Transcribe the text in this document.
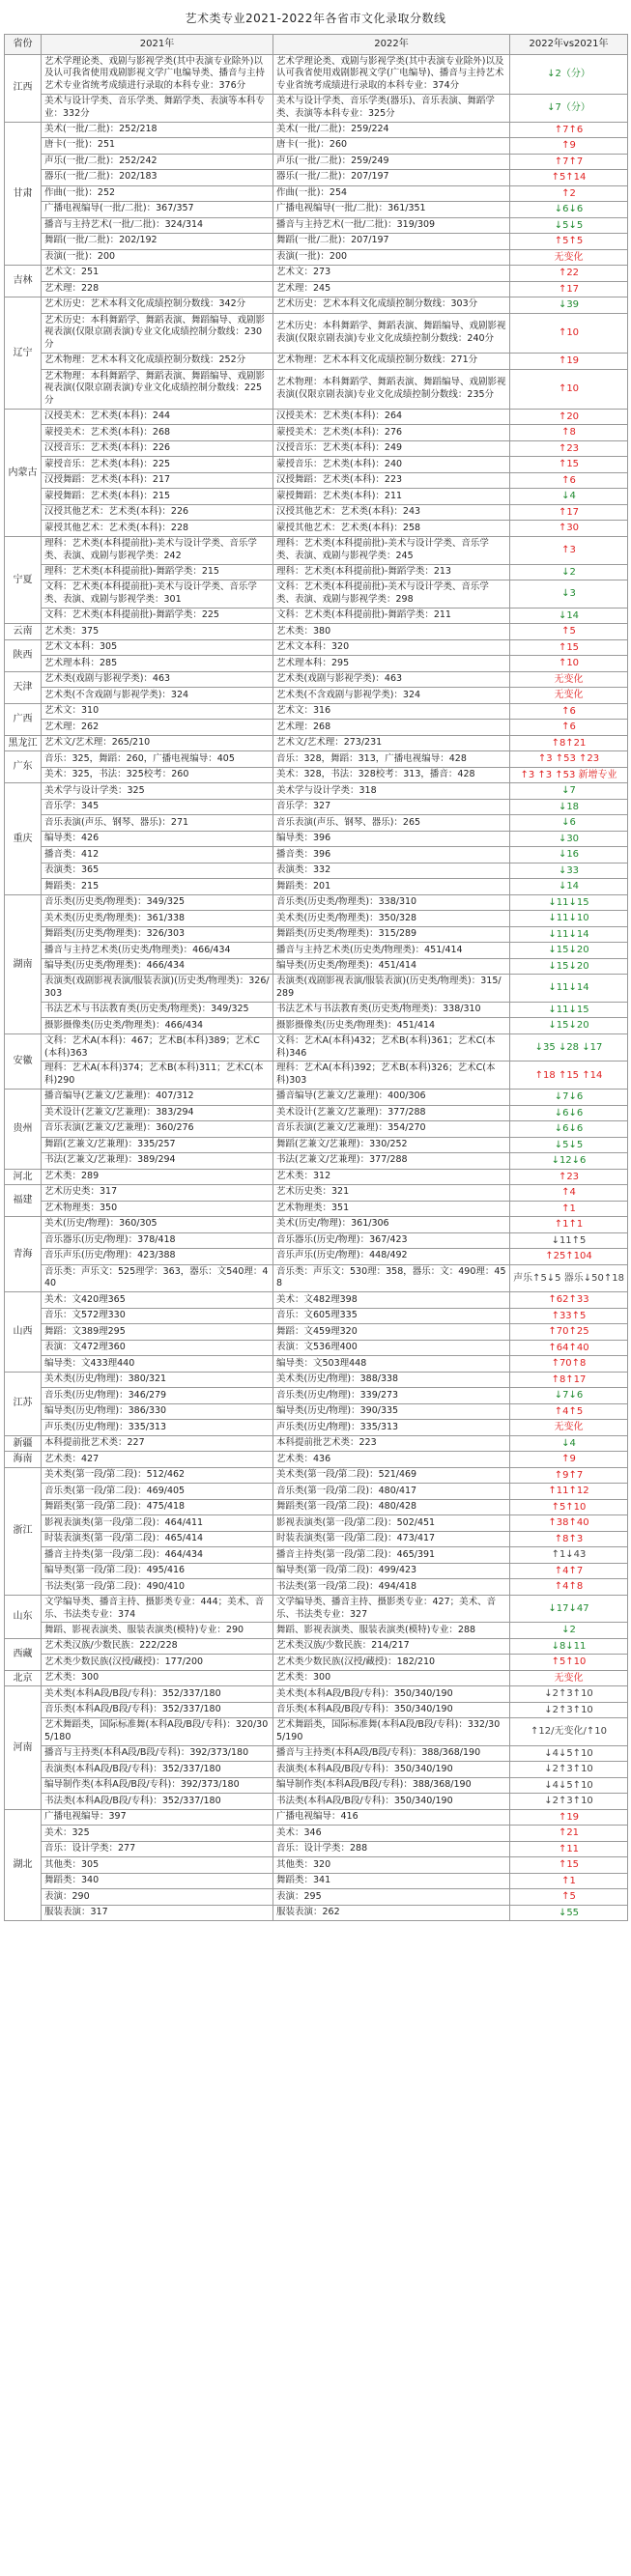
艺术类专业2021-2022年各省市文化录取分数线
省份	2021年	2022年	2022年vs2021年
江西	艺术学理论类、戏剧与影视学类(其中表演专业除外)以及认可我省使用戏剧影视文学广电编导类、播音与主持艺术专业省统考成绩进行录取的本科专业：376分	艺术学理论类、戏剧与影视学类(其中表演专业除外)以及认可我省使用戏剧影视文学(广电编导)、播音与主持艺术专业省统考成绩进行录取的本科专业：374分	↓2（分）
	美术与设计学类、音乐学类、舞蹈学类、表演等本科专业：332分	美术与设计学类、音乐学类(器乐)、音乐表演、舞蹈学类、表演等本科专业：325分	↓7（分）
甘肃	美术(一批/二批)：252/218	美术(一批/二批)：259/224	↑7↑6
	唐卡(一批)：251	唐卡(一批)：260	↑9
	声乐(一批/二批)：252/242	声乐(一批/二批)：259/249	↑7↑7
	器乐(一批/二批)：202/183	器乐(一批/二批)：207/197	↑5↑14
	作曲(一批)：252	作曲(一批)：254	↑2
	广播电视编导(一批/二批)：367/357	广播电视编导(一批/二批)：361/351	↓6↓6
	播音与主持艺术(一批/二批)：324/314	播音与主持艺术(一批/二批)：319/309	↓5↓5
	舞蹈(一批/二批)：202/192	舞蹈(一批/二批)：207/197	↑5↑5
	表演(一批)：200	表演(一批)：200	无变化
吉林	艺术文：251	艺术文：273	↑22
	艺术理：228	艺术理：245	↑17
辽宁	艺术历史：艺术本科文化成绩控制分数线：342分	艺术历史：艺术本科文化成绩控制分数线：303分	↓39
	艺术历史：本科舞蹈学、舞蹈表演、舞蹈编导、戏剧影视表演(仅限京剧表演)专业文化成绩控制分数线：230分	艺术历史：本科舞蹈学、舞蹈表演、舞蹈编导、戏剧影视表演(仅限京剧表演)专业文化成绩控制分数线：240分	↑10
	艺术物理：艺术本科文化成绩控制分数线：252分	艺术物理：艺术本科文化成绩控制分数线：271分	↑19
	艺术物理：本科舞蹈学、舞蹈表演、舞蹈编导、戏剧影视表演(仅限京剧表演)专业文化成绩控制分数线：225分	艺术物理：本科舞蹈学、舞蹈表演、舞蹈编导、戏剧影视表演(仅限京剧表演)专业文化成绩控制分数线：235分	↑10
内蒙古	汉授美术：艺术类(本科)：244	汉授美术：艺术类(本科)：264	↑20
	蒙授美术：艺术类(本科)：268	蒙授美术：艺术类(本科)：276	↑8
	汉授音乐：艺术类(本科)：226	汉授音乐：艺术类(本科)：249	↑23
	蒙授音乐：艺术类(本科)：225	蒙授音乐：艺术类(本科)：240	↑15
	汉授舞蹈：艺术类(本科)：217	汉授舞蹈：艺术类(本科)：223	↑6
	蒙授舞蹈：艺术类(本科)：215	蒙授舞蹈：艺术类(本科)：211	↓4
	汉授其他艺术：艺术类(本科)：226	汉授其他艺术：艺术类(本科)：243	↑17
	蒙授其他艺术：艺术类(本科)：228	蒙授其他艺术：艺术类(本科)：258	↑30
宁夏	理科：艺术类(本科提前批)-美术与设计学类、音乐学类、表演、戏剧与影视学类：242	理科：艺术类(本科提前批)-美术与设计学类、音乐学类、表演、戏剧与影视学类：245	↑3
	理科：艺术类(本科提前批)-舞蹈学类：215	理科：艺术类(本科提前批)-舞蹈学类：213	↓2
	文科：艺术类(本科提前批)-美术与设计学类、音乐学类、表演、戏剧与影视学类：301	文科：艺术类(本科提前批)-美术与设计学类、音乐学类、表演、戏剧与影视学类：298	↓3
	文科：艺术类(本科提前批)-舞蹈学类：225	文科：艺术类(本科提前批)-舞蹈学类：211	↓14
云南	艺术类：375	艺术类：380	↑5
陕西	艺术文本科：305	艺术文本科：320	↑15
	艺术理本科：285	艺术理本科：295	↑10
天津	艺术类(戏剧与影视学类)：463	艺术类(戏剧与影视学类)：463	无变化
	艺术类(不含戏剧与影视学类)：324	艺术类(不含戏剧与影视学类)：324	无变化
广西	艺术文：310	艺术文：316	↑6
	艺术理：262	艺术理：268	↑6
黑龙江	艺术文/艺术理：265/210	艺术文/艺术理：273/231	↑8↑21
广东	音乐：325，舞蹈：260，广播电视编导：405	音乐：328，舞蹈：313，广播电视编导：428	↑3 ↑53 ↑23
	美术：325，书法：325校考：260	美术：328，书法：328校考：313，播音：428	↑3 ↑3 ↑53 新增专业
重庆	美术学与设计学类：325	美术学与设计学类：318	↓7
	音乐学：345	音乐学：327	↓18
	音乐表演(声乐、钢琴、器乐)：271	音乐表演(声乐、钢琴、器乐)：265	↓6
	编导类：426	编导类：396	↓30
	播音类：412	播音类：396	↓16
	表演类：365	表演类：332	↓33
	舞蹈类：215	舞蹈类：201	↓14
湖南	音乐类(历史类/物理类)：349/325	音乐类(历史类/物理类)：338/310	↓11↓15
	美术类(历史类/物理类)：361/338	美术类(历史类/物理类)：350/328	↓11↓10
	舞蹈类(历史类/物理类)：326/303	舞蹈类(历史类/物理类)：315/289	↓11↓14
	播音与主持艺术类(历史类/物理类)：466/434	播音与主持艺术类(历史类/物理类)：451/414	↓15↓20
	编导类(历史类/物理类)：466/434	编导类(历史类/物理类)：451/414	↓15↓20
	表演类(戏剧影视表演/服装表演)(历史类/物理类)：326/303	表演类(戏剧影视表演/服装表演)(历史类/物理类)：315/289	↓11↓14
	书法艺术与书法教育类(历史类/物理类)：349/325	书法艺术与书法教育类(历史类/物理类)：338/310	↓11↓15
	摄影摄像类(历史类/物理类)：466/434	摄影摄像类(历史类/物理类)：451/414	↓15↓20
安徽	文科：艺术A(本科)：467；艺术B(本科)389；艺术C(本科)363	文科：艺术A(本科)432；艺术B(本科)361；艺术C(本科)346	↓35 ↓28 ↓17
	理科：艺术A(本科)374；艺术B(本科)311；艺术C(本科)290	理科：艺术A(本科)392；艺术B(本科)326；艺术C(本科)303	↑18 ↑15 ↑14
贵州	播音编导(艺兼文/艺兼理)：407/312	播音编导(艺兼文/艺兼理)：400/306	↓7↓6
	美术设计(艺兼文/艺兼理)：383/294	美术设计(艺兼文/艺兼理)：377/288	↓6↓6
	音乐表演(艺兼文/艺兼理)：360/276	音乐表演(艺兼文/艺兼理)：354/270	↓6↓6
	舞蹈(艺兼文/艺兼理)：335/257	舞蹈(艺兼文/艺兼理)：330/252	↓5↓5
	书法(艺兼文/艺兼理)：389/294	书法(艺兼文/艺兼理)：377/288	↓12↓6
河北	艺术类：289	艺术类：312	↑23
福建	艺术历史类：317	艺术历史类：321	↑4
	艺术物理类：350	艺术物理类：351	↑1
青海	美术(历史/物理)：360/305	美术(历史/物理)：361/306	↑1↑1
	音乐器乐(历史/物理)：378/418	音乐器乐(历史/物理)：367/423	↓11↑5
	音乐声乐(历史/物理)：423/388	音乐声乐(历史/物理)：448/492	↑25↑104
	音乐类：声乐文：525理学：363，器乐：文540理：440	音乐类：声乐文：530理：358，器乐：文：490理：458	声乐↑5↓5 器乐↓50↑18
山西	美术：文420理365	美术：文482理398	↑62↑33
	音乐：文572理330	音乐：文605理335	↑33↑5
	舞蹈：文389理295	舞蹈：文459理320	↑70↑25
	表演：文472理360	表演：文536理400	↑64↑40
	编导类：文433理440	编导类：文503理448	↑70↑8
江苏	美术类(历史/物理)：380/321	美术类(历史/物理)：388/338	↑8↑17
	音乐类(历史/物理)：346/279	音乐类(历史/物理)：339/273	↓7↓6
	编导类(历史/物理)：386/330	编导类(历史/物理)：390/335	↑4↑5
	声乐类(历史/物理)：335/313	声乐类(历史/物理)：335/313	无变化
新疆	本科提前批艺术类：227	本科提前批艺术类：223	↓4
海南	艺术类：427	艺术类：436	↑9
浙江	美术类(第一段/第二段)：512/462	美术类(第一段/第二段)：521/469	↑9↑7
	音乐类(第一段/第二段)：469/405	音乐类(第一段/第二段)：480/417	↑11↑12
	舞蹈类(第一段/第二段)：475/418	舞蹈类(第一段/第二段)：480/428	↑5↑10
	影视表演类(第一段/第二段)：464/411	影视表演类(第一段/第二段)：502/451	↑38↑40
	时装表演类(第一段/第二段)：465/414	时装表演类(第一段/第二段)：473/417	↑8↑3
	播音主持类(第一段/第二段)：464/434	播音主持类(第一段/第二段)：465/391	↑1↓43
	编导类(第一段/第二段)：495/416	编导类(第一段/第二段)：499/423	↑4↑7
	书法类(第一段/第二段)：490/410	书法类(第一段/第二段)：494/418	↑4↑8
山东	文学编导类、播音主持、摄影类专业：444；美术、音乐、书法类专业：374	文学编导类、播音主持、摄影类专业：427；美术、音乐、书法类专业：327	↓17↓47
	舞蹈、影视表演类、服装表演类(模特)专业：290	舞蹈、影视表演类、服装表演类(模特)专业：288	↓2
西藏	艺术类汉族/少数民族：222/228	艺术类汉族/少数民族：214/217	↓8↓11
	艺术类少数民族(汉授/藏授)：177/200	艺术类少数民族(汉授/藏授)：182/210	↑5↑10
北京	艺术类：300	艺术类：300	无变化
河南	美术类(本科A段/B段/专科)：352/337/180	美术类(本科A段/B段/专科)：350/340/190	↓2↑3↑10
	音乐类(本科A段/B段/专科)：352/337/180	音乐类(本科A段/B段/专科)：350/340/190	↓2↑3↑10
	艺术舞蹈类，国际标准舞(本科A段/B段/专科)：320/305/180	艺术舞蹈类，国际标准舞(本科A段/B段/专科)：332/305/190	↑12/无变化/↑10
	播音与主持类(本科A段/B段/专科)：392/373/180	播音与主持类(本科A段/B段/专科)：388/368/190	↓4↓5↑10
	表演类(本科A段/B段/专科)：352/337/180	表演类(本科A段/B段/专科)：350/340/190	↓2↑3↑10
	编导制作类(本科A段/B段/专科)：392/373/180	编导制作类(本科A段/B段/专科)：388/368/190	↓4↓5↑10
	书法类(本科A段/B段/专科)：352/337/180	书法类(本科A段/B段/专科)：350/340/190	↓2↑3↑10
湖北	广播电视编导：397	广播电视编导：416	↑19
	美术：325	美术：346	↑21
	音乐：设计学类：277	音乐：设计学类：288	↑11
	其他类：305	其他类：320	↑15
	舞蹈类：340	舞蹈类：341	↑1
	表演：290	表演：295	↑5
	服装表演：317	服装表演：262	↓55
